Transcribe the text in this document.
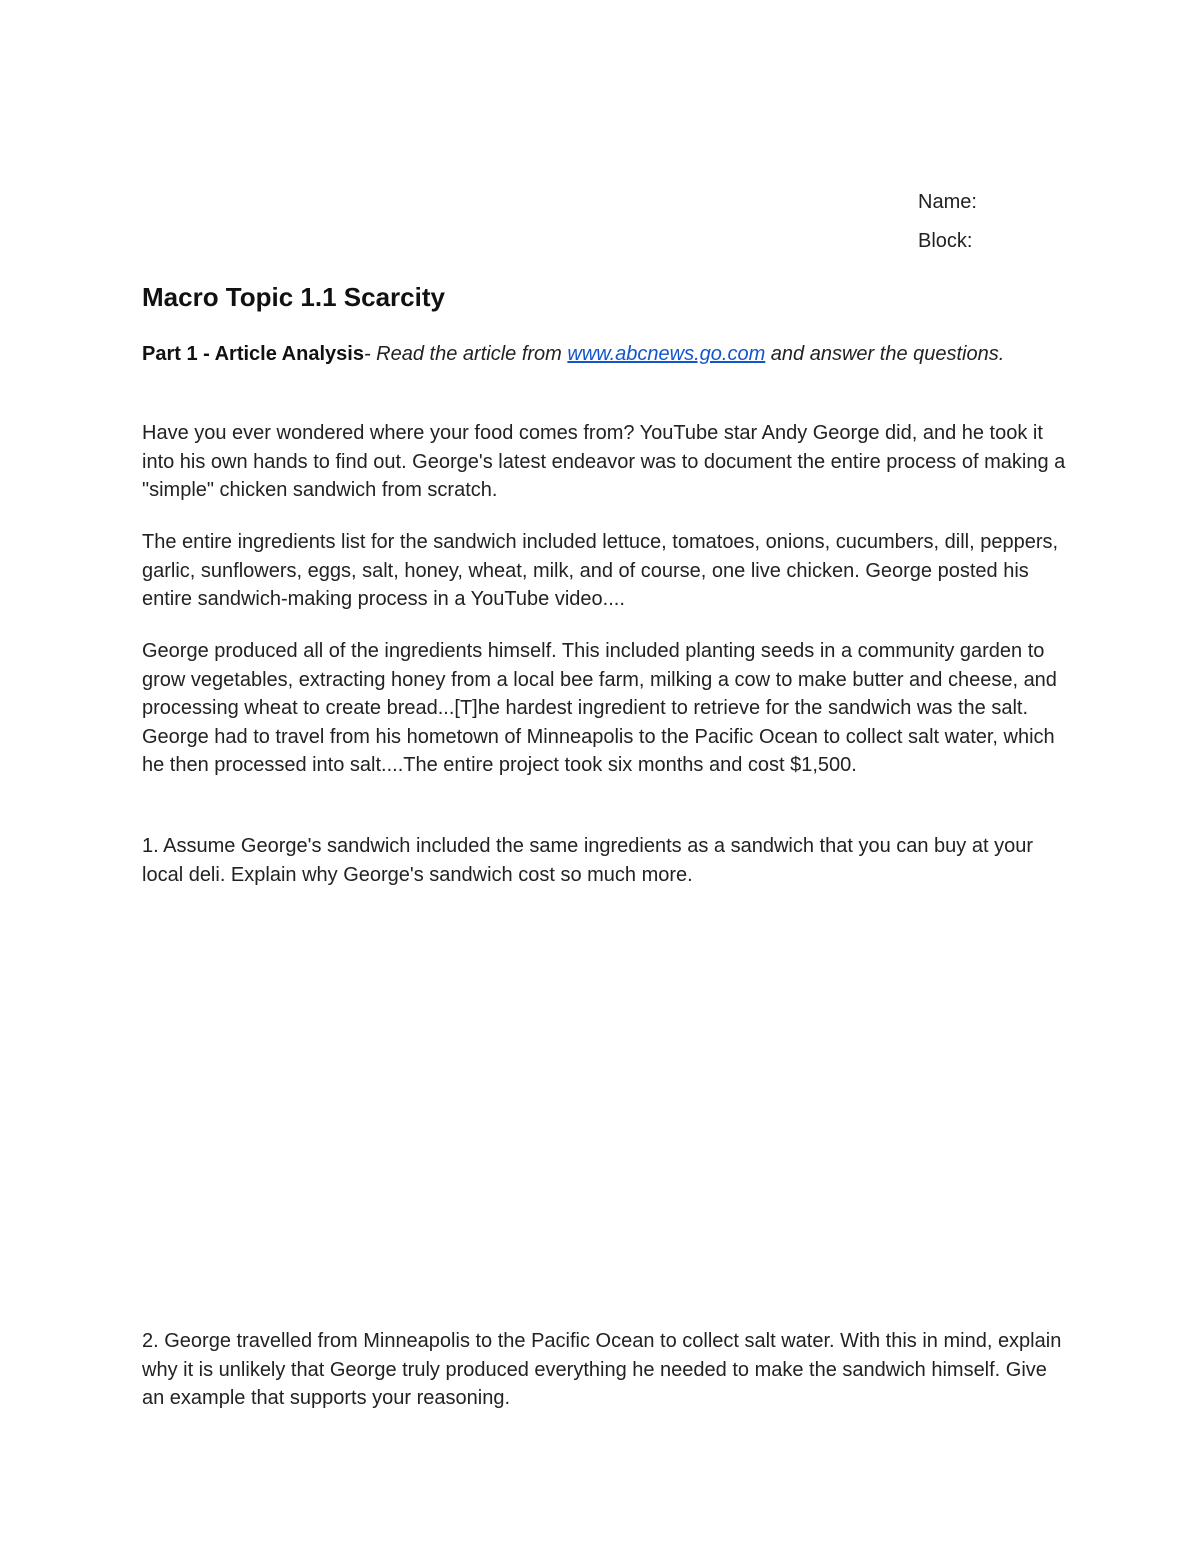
Name:
Block:
Macro Topic 1.1 Scarcity
Part 1 - Article Analysis- Read the article from www.abcnews.go.com and answer the questions.

Have you ever wondered where your food comes from? YouTube star Andy George did, and he took it into his own hands to find out. George's latest endeavor was to document the entire process of making a "simple" chicken sandwich from scratch.

The entire ingredients list for the sandwich included lettuce, tomatoes, onions, cucumbers, dill, peppers, garlic, sunflowers, eggs, salt, honey, wheat, milk, and of course, one live chicken. George posted his entire sandwich-making process in a YouTube video....

George produced all of the ingredients himself. This included planting seeds in a community garden to grow vegetables, extracting honey from a local bee farm, milking a cow to make butter and cheese, and processing wheat to create bread...[T]he hardest ingredient to retrieve for the sandwich was the salt. George had to travel from his hometown of Minneapolis to the Pacific Ocean to collect salt water, which he then processed into salt....The entire project took six months and cost $1,500.

1. Assume George's sandwich included the same ingredients as a sandwich that you can buy at your local deli. Explain why George's sandwich cost so much more.

2. George travelled from Minneapolis to the Pacific Ocean to collect salt water. With this in mind, explain why it is unlikely that George truly produced everything he needed to make the sandwich himself. Give an example that supports your reasoning.
